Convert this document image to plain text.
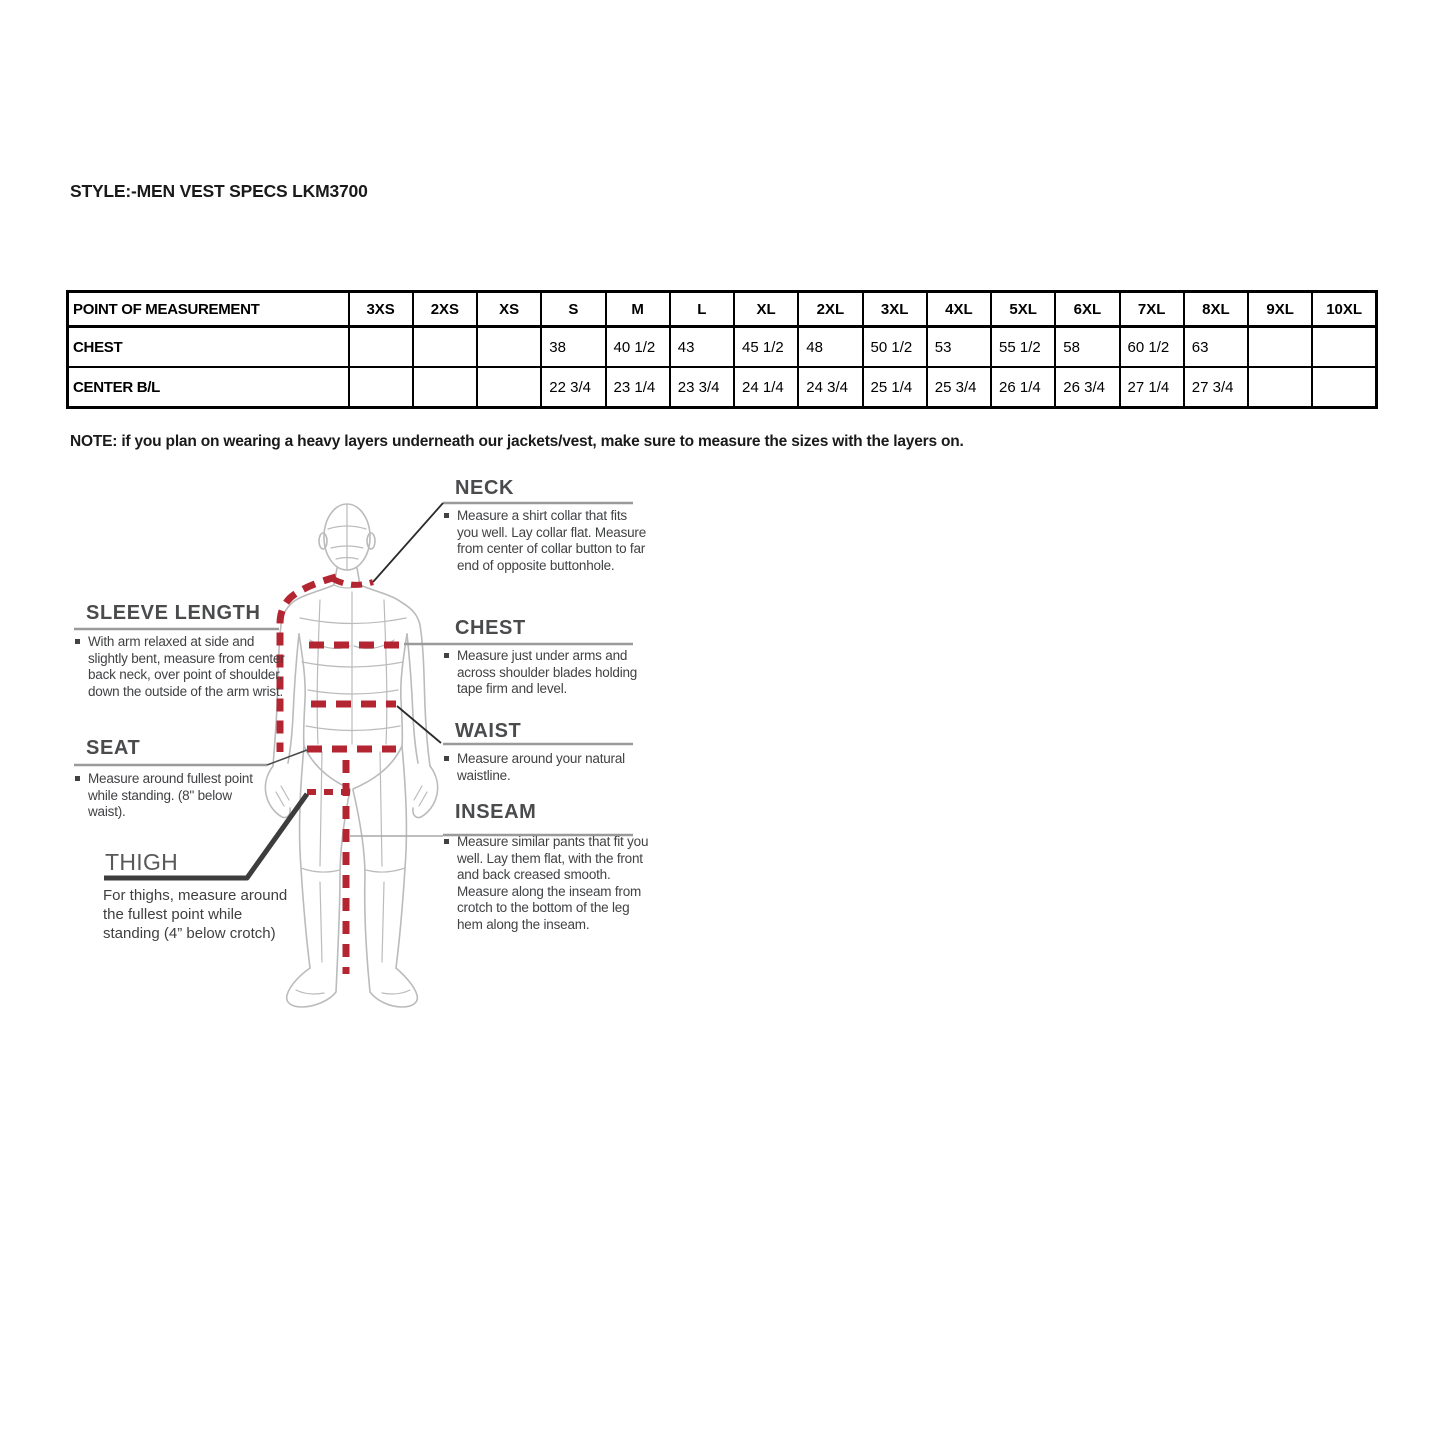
STYLE:-MEN VEST SPECS LKM3700
POINT OF MEASUREMENT	3XS	2XS	XS	S	M	L	XL	2XL	3XL	4XL	5XL	6XL	7XL	8XL	9XL	10XL
CHEST				38	40 1/2	43	45 1/2	48	50 1/2	53	55 1/2	58	60 1/2	63		
CENTER B/L				22 3/4	23 1/4	23 3/4	24 1/4	24 3/4	25 1/4	25 3/4	26 1/4	26 3/4	27 1/4	27 3/4		
NOTE: if you plan on wearing a heavy layers underneath our jackets/vest, make sure to measure the sizes with the layers on.
NECK
Measure a shirt collar that fits you well. Lay collar flat. Measure from center of collar button to far end of opposite buttonhole.
SLEEVE LENGTH
With arm relaxed at side and slightly bent, measure from center back neck, over point of shoulder, down the outside of the arm wrist.
CHEST
Measure just under arms and across shoulder blades holding tape firm and level.
SEAT
Measure around fullest point while standing. (8" below waist).
WAIST
Measure around your natural waistline.
THIGH
For thighs, measure around the fullest point while standing (4” below crotch)
INSEAM
Measure similar pants that fit you well. Lay them flat, with the front and back creased smooth. Measure along the inseam from crotch to the bottom of the leg hem along the inseam.
